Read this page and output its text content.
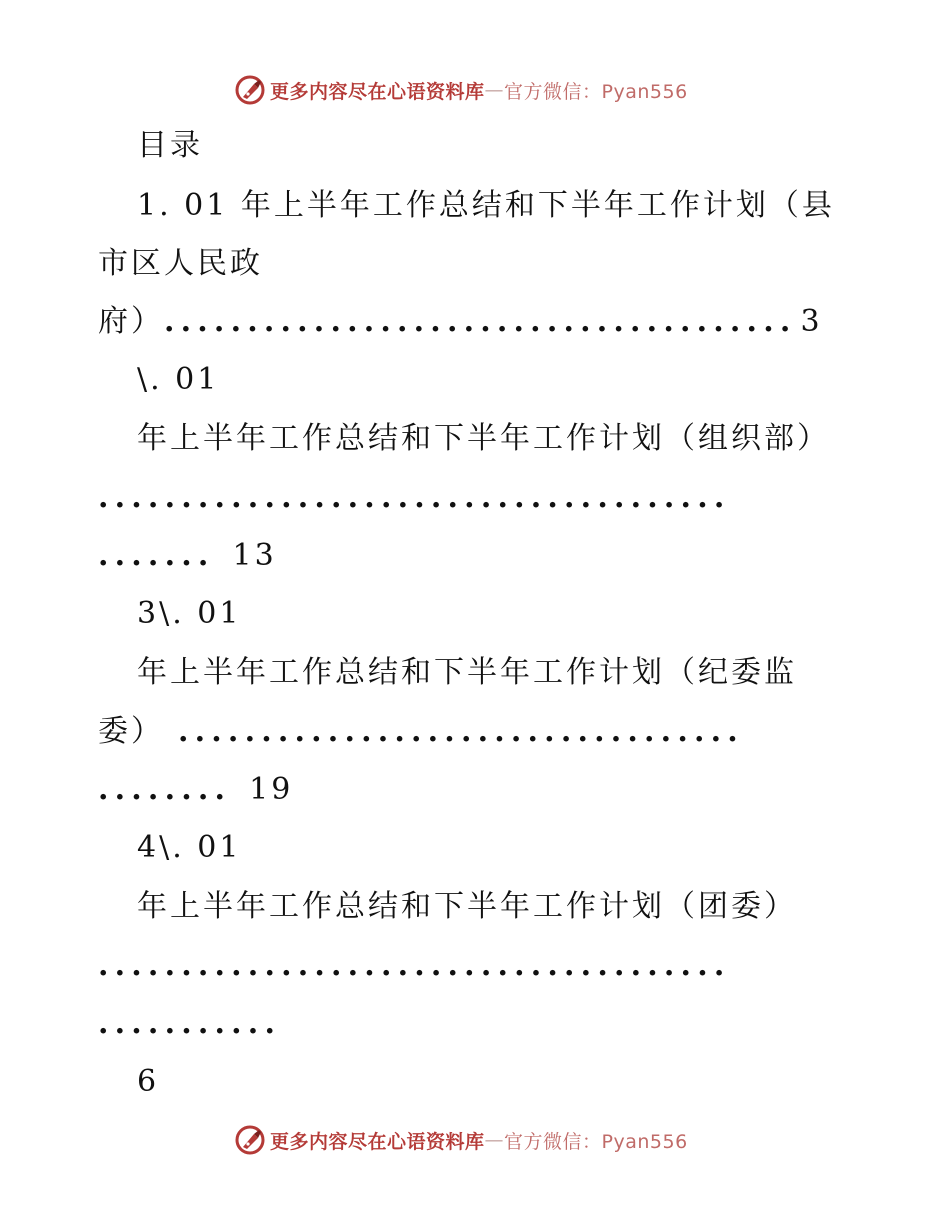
更多内容尽在心语资料库 — 官方微信：Pyan556
目录
1. 01 年上半年工作总结和下半年工作计划（县
市区人民政
府）...................................... 3
\. 01
年上半年工作总结和下半年工作计划（组织部）
......................................
....... 13
3\. 01
年上半年工作总结和下半年工作计划（纪委监
委） ..................................
........ 19
4\. 01
年上半年工作总结和下半年工作计划（团委）
......................................
...........
6
更多内容尽在心语资料库 — 官方微信：Pyan556
